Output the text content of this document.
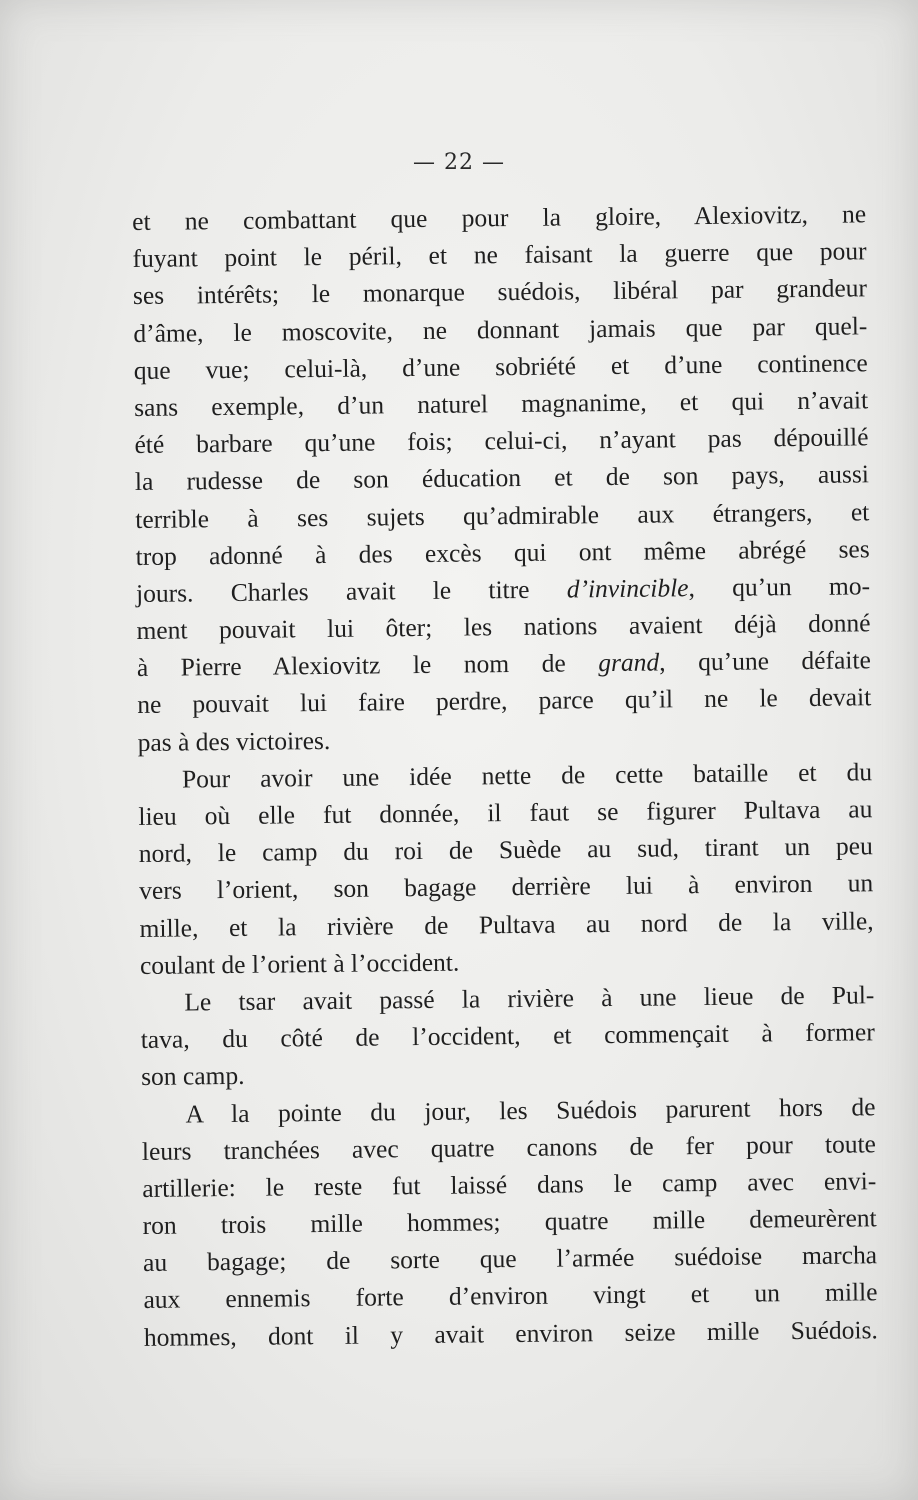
— 22 —
et ne combattant que pour la gloire, Alexiovitz, ne
fuyant point le péril, et ne faisant la guerre que pour
ses intérêts; le monarque suédois, libéral par grandeur
d’âme, le moscovite, ne donnant jamais que par quel-
que vue; celui-là, d’une sobriété et d’une continence
sans exemple, d’un naturel magnanime, et qui n’avait
été barbare qu’une fois; celui-ci, n’ayant pas dépouillé
la rudesse de son éducation et de son pays, aussi
terrible à ses sujets qu’admirable aux étrangers, et
trop adonné à des excès qui ont même abrégé ses
jours. Charles avait le titre d’invincible, qu’un mo-
ment pouvait lui ôter; les nations avaient déjà donné
à Pierre Alexiovitz le nom de grand, qu’une défaite
ne pouvait lui faire perdre, parce qu’il ne le devait
pas à des victoires.
Pour avoir une idée nette de cette bataille et du
lieu où elle fut donnée, il faut se figurer Pultava au
nord, le camp du roi de Suède au sud, tirant un peu
vers l’orient, son bagage derrière lui à environ un
mille, et la rivière de Pultava au nord de la ville,
coulant de l’orient à l’occident.
Le tsar avait passé la rivière à une lieue de Pul-
tava, du côté de l’occident, et commençait à former
son camp.
A la pointe du jour, les Suédois parurent hors de
leurs tranchées avec quatre canons de fer pour toute
artillerie: le reste fut laissé dans le camp avec envi-
ron trois mille hommes; quatre mille demeurèrent
au bagage; de sorte que l’armée suédoise marcha
aux ennemis forte d’environ vingt et un mille
hommes, dont il y avait environ seize mille Suédois.
